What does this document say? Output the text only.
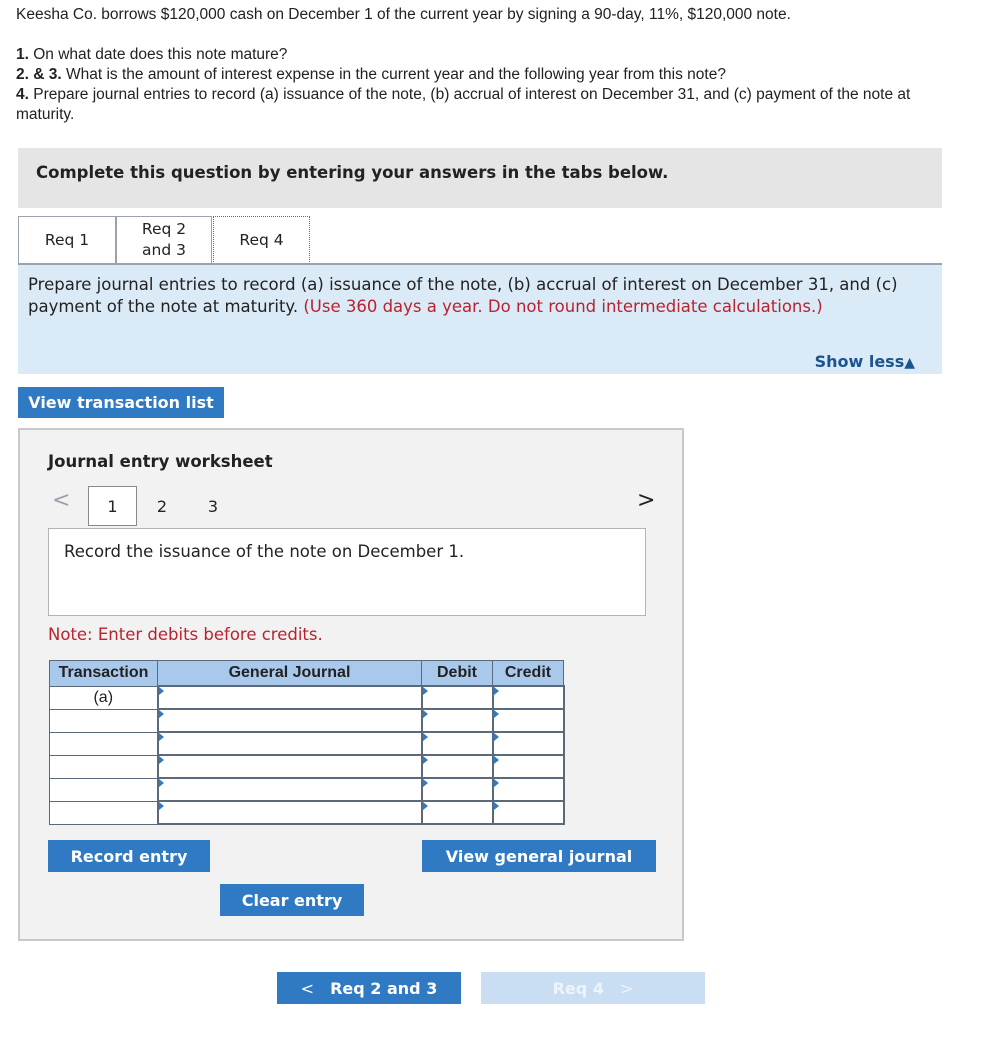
Keesha Co. borrows $120,000 cash on December 1 of the current year by signing a 90-day, 11%, $120,000 note.
1. On what date does this note mature?
2. & 3. What is the amount of interest expense in the current year and the following year from this note?
4. Prepare journal entries to record (a) issuance of the note, (b) accrual of interest on December 31, and (c) payment of the note at maturity.
Complete this question by entering your answers in the tabs below.
Req 1
Req 2
and 3
Req 4

Prepare journal entries to record (a) issuance of the note, (b) accrual of interest on December 31, and (c) payment of the note at maturity. (Use 360 days a year. Do not round intermediate calculations.)

Show less▲
View transaction list
Journal entry worksheet
<	1	2	3	>
Record the issuance of the note on December 1.
Note: Enter debits before credits.
Transaction	General Journal	Debit	Credit
(a)			

Record entry	View general journal
Clear entry
< Req 2 and 3	Req 4 >
